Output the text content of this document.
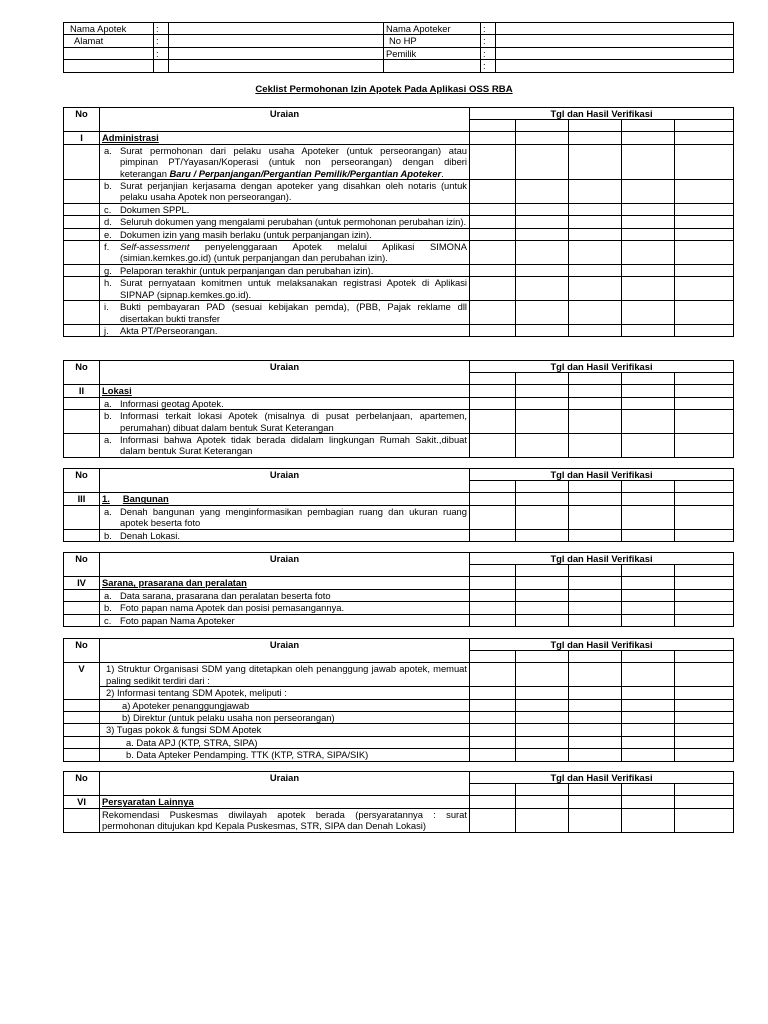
Nama Apotek	:		Nama Apoteker	:	
Alamat	:		No HP	:	
	:		Pemilik	:	
				:	
Ceklist Permohonan Izin Apotek Pada Aplikasi OSS RBA
No	Uraian	Tgl dan Hasil Verifikasi				

I	Administrasi					

	a. Surat permohonan dari pelaku usaha Apoteker (untuk perseorangan) atau pimpinan PT/Yayasan/Koperasi (untuk non perseorangan) dengan diberi keterangan Baru / Perpanjangan/Pergantian Pemilik/Pergantian Apoteker.					

	b. Surat perjanjian kerjasama dengan apoteker yang disahkan oleh notaris (untuk pelaku usaha Apotek non perseorangan).					

	c. Dokumen SPPL.					

	d. Seluruh dokumen yang mengalami perubahan (untuk permohonan perubahan izin).					

	e. Dokumen izin yang masih berlaku (untuk perpanjangan izin).					

	f. Self-assessment penyelenggaraan Apotek melalui Aplikasi SIMONA (simian.kemkes.go.id) (untuk perpanjangan dan perubahan izin).					

	g. Pelaporan terakhir (untuk perpanjangan dan perubahan izin).					

	h. Surat pernyataan komitmen untuk melaksanakan registrasi Apotek di Aplikasi SIPNAP (sipnap.kemkes.go.id).					

	i. Bukti pembayaran PAD (sesuai kebijakan pemda), (PBB, Pajak reklame dll disertakan bukti transfer					

	j. Akta PT/Perseorangan.					

No	Uraian	Tgl dan Hasil Verifikasi				

II	Lokasi					

	a. Informasi geotag Apotek.					

	b. Informasi terkait lokasi Apotek (misalnya di pusat perbelanjaan, apartemen, perumahan) dibuat dalam bentuk Surat Keterangan					

	a. Informasi bahwa Apotek tidak berada didalam lingkungan Rumah Sakit.,dibuat dalam bentuk Surat Keterangan					

No	Uraian	Tgl dan Hasil Verifikasi				

III	1. Bangunan					

	a. Denah bangunan yang menginformasikan pembagian ruang dan ukuran ruang apotek beserta foto					

	b. Denah Lokasi.					

No	Uraian	Tgl dan Hasil Verifikasi				

IV	Sarana, prasarana dan peralatan					

	a. Data sarana, prasarana dan peralatan beserta foto					

	b. Foto papan nama Apotek dan posisi pemasangannya.					

	c. Foto papan Nama Apoteker					

No	Uraian	Tgl dan Hasil Verifikasi				

V	1) Struktur Organisasi SDM yang ditetapkan oleh penanggung jawab apotek, memuat paling sedikit terdiri dari :					
	2) Informasi tentang SDM Apotek, meliputi :					
	a) Apoteker penanggungjawab					
	b) Direktur (untuk pelaku usaha non perseorangan)					
	3) Tugas pokok & fungsi SDM Apotek					
	a. Data APJ (KTP, STRA, SIPA)					
	b. Data Apteker Pendamping. TTK (KTP, STRA, SIPA/SIK)					
No	Uraian	Tgl dan Hasil Verifikasi				

VI	Persyaratan Lainnya					
	Rekomendasi Puskesmas diwilayah apotek berada (persyaratannya : surat permohonan ditujukan kpd Kepala Puskesmas, STR, SIPA dan Denah Lokasi)					
